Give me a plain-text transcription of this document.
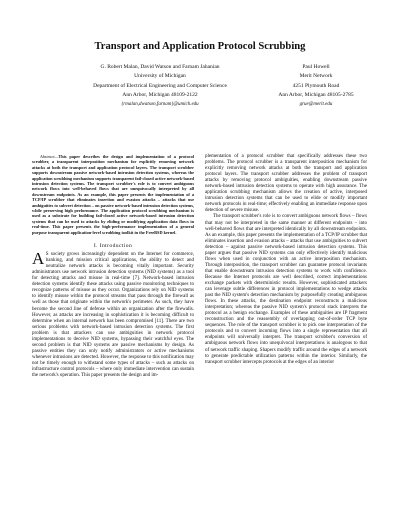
Transport and Application Protocol Scrubbing
G. Robert Malan, David Watson and Farnam Jahanian
University of Michigan
Department of Electrical Engineering and Computer Science
Ann Arbor, Michigan 48109-2122
{rmalan,dwatson,farnam}@umich.edu
Paul Howell
Merit Network
4251 Plymouth Road
Ann Arbor, Michigan 48105-2785
grue@merit.edu

Abstract—This paper describes the design and implementation of a protocol scrubber, a transparent interposition mechanism for explicitly removing network attacks at both the transport and application protocol layers. The transport scrubber supports downstream passive network-based intrusion detection systems, whereas the application scrubbing mechanism supports transparent fail-closed active network-based intrusion detection systems. The transport scrubber's role is to convert ambiguous network flows into well-behaved flows that are unequivocally interpreted by all downstream endpoints. As an example, this paper presents the implementation of a TCP/IP scrubber that eliminates insertion and evasion attacks – attacks that use ambiguities to subvert detection – on passive network-based intrusion detection systems, while preserving high performance. The application protocol scrubbing mechanism is used as a substrate for building fail-closed active network-based intrusion detection systems that can be used to attacks by eliding or modifying application data flows in real-time. This paper presents the high-performance implementation of a general purpose transparent application-level scrubbing toolkit in the FreeBSD kernel.

I. Introduction

A S society grows increasingly dependent on the Internet for commerce, banking, and mission critical applications, the ability to detect and neutralize network attacks is becoming vitally important. Security administrators use network intrusion detection systems (NID systems) as a tool for detecting attacks and misuse in real-time [7]. Network-based intrusion detection systems identify these attacks using passive monitoring techniques to recognize patterns of misuse as they occur. Organizations rely on NID systems to identify misuse within the protocol streams that pass through the firewall as well as those that originate within the network's perimeter. As such, they have become the second line of defense within an organization after the firewalls. However, as attacks are increasing in sophistication it is becoming difficult to determine when an internal network has been compromised [11]. There are two serious problems with network-based intrusion detection systems. The first problem is that attackers can use ambiguities in network protocol implementations to deceive NID systems, bypassing their watchful eyes. The second problem is that NID systems are passive mechanisms by design. As passive entities they can only notify administrators or active mechanisms whenever intrusions are detected. However, the response to this notification may not be timely enough to withstand some types of attacks – such as attacks on infrastructure control protocols – where only immediate intervention can sustain the network's operation. This paper presents the design and im-

plementation of a protocol scrubber that specifically addresses these two problems. The protocol scrubber is a transparent interposition mechanism for explicitly removing network attacks at both the transport and application protocol layers. The transport scrubber addresses the problem of transport attacks by removing protocol ambiguities, enabling downstream passive network-based intrusion detection systems to operate with high assurance. The application scrubbing mechanism allows the creation of active, interposed intrusion detection systems that can be used to elide or modify important network protocols in real-time; effectively enabling an immediate response upon detection of severe misuse.

The transport scrubber's role is to convert ambiguous network flows – flows that may not be interpreted in the same manner at different endpoints – into well-behaved flows that are interpreted identically by all downstream endpoints. As an example, this paper presents the implementation of a TCP/IP scrubber that eliminates insertion and evasion attacks – attacks that use ambiguities to subvert detection – against passive network-based intrusion detection systems. This paper argues that passive NID systems can only effectively identify malicious flows when used in conjunction with an active interposition mechanism. Through interposition, the transport scrubber can guarantee protocol invariants that enable downstream intrusion detection systems to work with confidence. Because the Internet protocols are well described, correct implementations exchange packets with deterministic results. However, sophisticated attackers can leverage subtle differences in protocol implementations to wedge attacks past the NID system's detection mechanism by purposefully creating ambiguous flows. In these attacks, the destination endpoint reconstructs a malicious interpretation; whereas the passive NID system's protocol stack interprets the protocol as a benign exchange. Examples of these ambiguities are IP fragment reconstruction and the reassembly of overlapping out-of-order TCP byte sequences. The role of the transport scrubber is to pick one interpretation of the protocols and to convert incoming flows into a single representation that all endpoints will universally interpret. The transport scrubber's conversion of ambiguous network flows into unequivocal interpretations is analogous to that of network traffic shaping. Shapers modify traffic around the edges of a network to generate predictable utilization patterns within the interior. Similarly, the transport scrubber intercepts protocols at the edges of an interior
